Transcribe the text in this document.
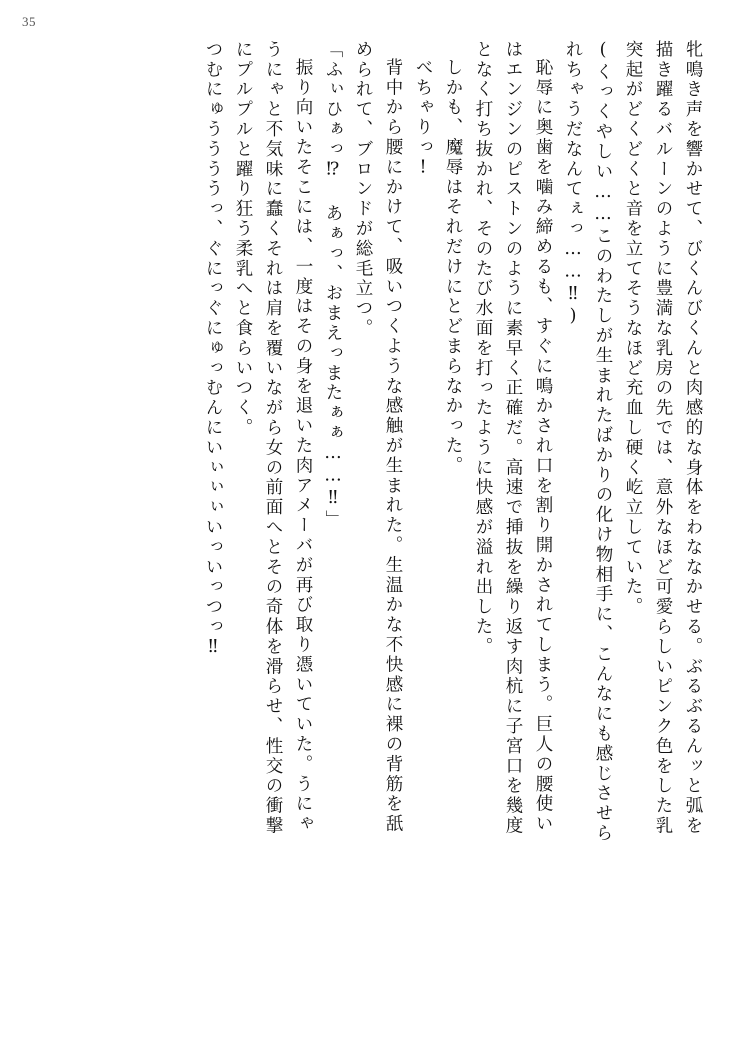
35
牝鳴き声を響かせて、びくんびくんと肉感的な身体をわななかせる。ぶるぶるんッと弧を
描き躍るバルーンのように豊満な乳房の先では、意外なほど可愛らしいピンク色をした乳
突起がどくどくと音を立てそうなほど充血し硬く屹立していた。
(くっくやしい……このわたしが生まれたばかりの化け物相手に、こんなにも感じさせら
れちゃうだなんてぇっ……‼)
恥辱に奥歯を噛み締めるも、すぐに鳴かされ口を割り開かされてしまう。巨人の腰使い
はエンジンのピストンのように素早く正確だ。高速で挿抜を繰り返す肉杭に子宮口を幾度
となく打ち抜かれ、そのたび水面を打ったように快感が溢れ出した。
しかも、魔辱はそれだけにとどまらなかった。
べちゃりっ!
背中から腰にかけて、吸いつくような感触が生まれた。生温かな不快感に裸の背筋を舐
められて、ブロンドが総毛立つ。
「ふぃひぁっ⁉ あぁっ、おまえっまたぁぁ……‼」
振り向いたそこには、一度はその身を退いた肉アメーバが再び取り憑いていた。うにゃ
うにゃと不気味に蠢くそれは肩を覆いながら女の前面へとその奇体を滑らせ、性交の衝撃
にプルプルと躍り狂う柔乳へと食らいつく。
つむにゅううううっ、ぐにっぐにゅっむんにいぃぃぃいっいっつっ‼
